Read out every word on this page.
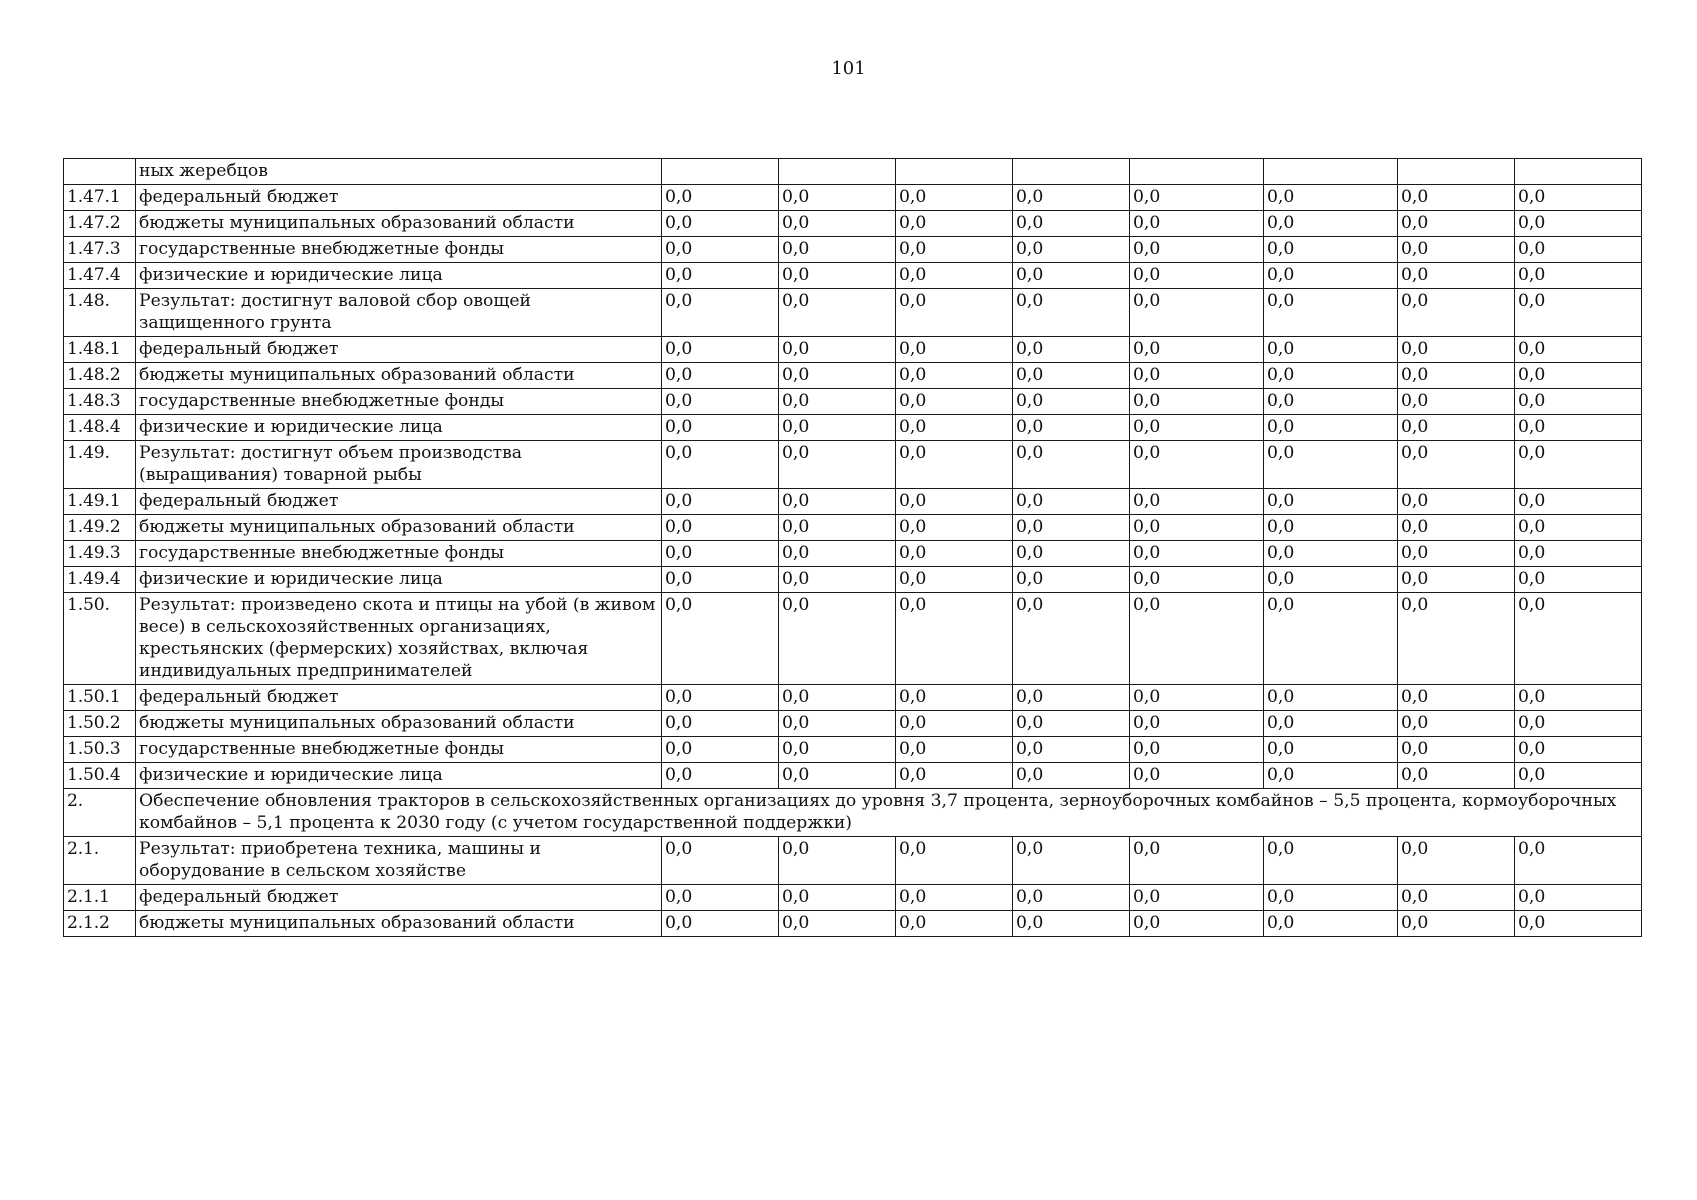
101
	ных жеребцов								
1.47.1	федеральный бюджет	0,0	0,0	0,0	0,0	0,0	0,0	0,0	0,0
1.47.2	бюджеты муниципальных образований области	0,0	0,0	0,0	0,0	0,0	0,0	0,0	0,0
1.47.3	государственные внебюджетные фонды	0,0	0,0	0,0	0,0	0,0	0,0	0,0	0,0
1.47.4	физические и юридические лица	0,0	0,0	0,0	0,0	0,0	0,0	0,0	0,0
1.48.	Результат: достигнут валовой сбор овощей защищенного грунта	0,0	0,0	0,0	0,0	0,0	0,0	0,0	0,0
1.48.1	федеральный бюджет	0,0	0,0	0,0	0,0	0,0	0,0	0,0	0,0
1.48.2	бюджеты муниципальных образований области	0,0	0,0	0,0	0,0	0,0	0,0	0,0	0,0
1.48.3	государственные внебюджетные фонды	0,0	0,0	0,0	0,0	0,0	0,0	0,0	0,0
1.48.4	физические и юридические лица	0,0	0,0	0,0	0,0	0,0	0,0	0,0	0,0
1.49.	Результат: достигнут объем производства (выращивания) товарной рыбы	0,0	0,0	0,0	0,0	0,0	0,0	0,0	0,0
1.49.1	федеральный бюджет	0,0	0,0	0,0	0,0	0,0	0,0	0,0	0,0
1.49.2	бюджеты муниципальных образований области	0,0	0,0	0,0	0,0	0,0	0,0	0,0	0,0
1.49.3	государственные внебюджетные фонды	0,0	0,0	0,0	0,0	0,0	0,0	0,0	0,0
1.49.4	физические и юридические лица	0,0	0,0	0,0	0,0	0,0	0,0	0,0	0,0
1.50.	Результат: произведено скота и птицы на убой (в живом весе) в сельскохозяйственных организациях, крестьянских (фермерских) хозяйствах, включая индивидуальных предпринимателей	0,0	0,0	0,0	0,0	0,0	0,0	0,0	0,0
1.50.1	федеральный бюджет	0,0	0,0	0,0	0,0	0,0	0,0	0,0	0,0
1.50.2	бюджеты муниципальных образований области	0,0	0,0	0,0	0,0	0,0	0,0	0,0	0,0
1.50.3	государственные внебюджетные фонды	0,0	0,0	0,0	0,0	0,0	0,0	0,0	0,0
1.50.4	физические и юридические лица	0,0	0,0	0,0	0,0	0,0	0,0	0,0	0,0
2.	Обеспечение обновления тракторов в сельскохозяйственных организациях до уровня 3,7 процента, зерноуборочных комбайнов – 5,5 процента, кормоуборочных комбайнов – 5,1 процента к 2030 году (с учетом государственной поддержки)								
2.1.	Результат: приобретена техника, машины и оборудование в сельском хозяйстве	0,0	0,0	0,0	0,0	0,0	0,0	0,0	0,0
2.1.1	федеральный бюджет	0,0	0,0	0,0	0,0	0,0	0,0	0,0	0,0
2.1.2	бюджеты муниципальных образований области	0,0	0,0	0,0	0,0	0,0	0,0	0,0	0,0
